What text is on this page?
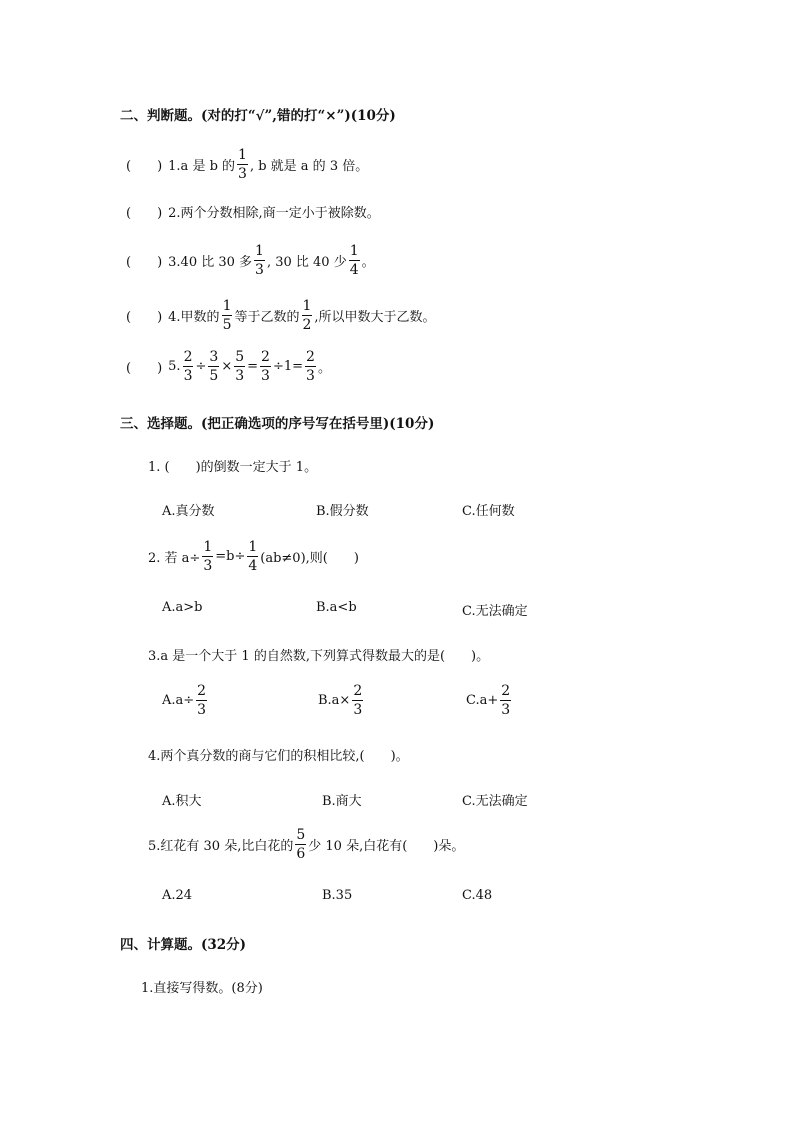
二、判断题。(对的打“√”,错的打“×”)(10分)
(　　) 1.a 是 b 的 $\frac{1}{3}$ , b 就是 a 的 3 倍。
(　　) 2.两个分数相除,商一定小于被除数。
(　　) 3.40 比 30 多 $\frac{1}{3}$ , 30 比 40 少 $\frac{1}{4}$ 。
(　　) 4.甲数的 $\frac{1}{5}$ 等于乙数的 $\frac{1}{2}$ ,所以甲数大于乙数。
(　　) 5. $\frac{2}{3} \div \frac{3}{5} \times \frac{5}{3} = \frac{2}{3} \div 1= \frac{2}{3}$ 。
三、选择题。(把正确选项的序号写在括号里)(10分)
1. (　　)的倒数一定大于 1。
A.真分数	B.假分数	C.任何数
2. 若 $a\div \frac{1}{3} =b\div \frac{1}{4} (ab\ne 0)$,则(　　)
A.a>b	B.a<b	C.无法确定
3.a 是一个大于 1 的自然数,下列算式得数最大的是(　　)。
$A.a\div \frac{2}{3}$	$B.a\times \frac{2}{3}$	$C.a+ \frac{2}{3}$
4.两个真分数的商与它们的积相比较,(　　)。
A.积大	B.商大	C.无法确定
5.红花有 30 朵,比白花的 $\frac{5}{6}$ 少 10 朵,白花有(　　)朵。
A.24	B.35	C.48
四、计算题。(32分)
1.直接写得数。(8分)
